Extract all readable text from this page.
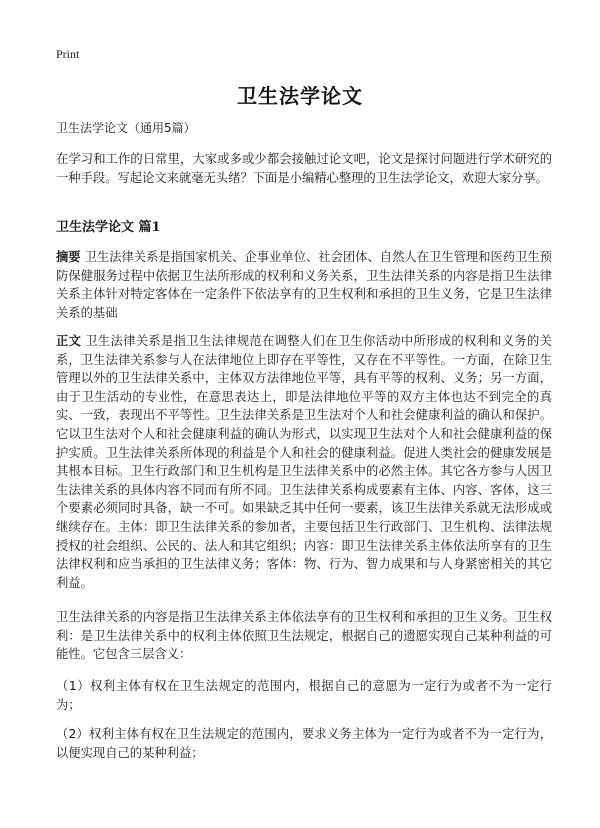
Print
卫生法学论文
卫生法学论文（通用5篇）

在学习和工作的日常里，大家或多或少都会接触过论文吧，论文是探讨问题进行学术研究的一种手段。写起论文来就毫无头绪？下面是小编精心整理的卫生法学论文，欢迎大家分享。

卫生法学论文 篇1

摘要 卫生法律关系是指国家机关、企事业单位、社会团体、自然人在卫生管理和医药卫生预防保健服务过程中依据卫生法所形成的权利和义务关系，卫生法律关系的内容是指卫生法律关系主体针对特定客体在一定条件下依法享有的卫生权利和承担的卫生义务，它是卫生法律关系的基础

正文 卫生法律关系是指卫生法律规范在调整人们在卫生你活动中所形成的权利和义务的关系，卫生法律关系参与人在法律地位上即存在平等性，又存在不平等性。一方面，在除卫生管理以外的卫生法律关系中，主体双方法律地位平等，具有平等的权利、义务；另一方面，由于卫生活动的专业性，在意思表达上，即是法律地位平等的双方主体也达不到完全的真实、一致，表现出不平等性。卫生法律关系是卫生法对个人和社会健康利益的确认和保护。它以卫生法对个人和社会健康利益的确认为形式，以实现卫生法对个人和社会健康利益的保护实质。卫生法律关系所体现的利益是个人和社会的健康利益。促进人类社会的健康发展是其根本目标。卫生行政部门和卫生机构是卫生法律关系中的必然主体。其它各方参与人因卫生法律关系的具体内容不同而有所不同。卫生法律关系构成要素有主体、内容、客体，这三个要素必须同时具备，缺一不可。如果缺乏其中任何一要素，该卫生法律关系就无法形成或继续存在。主体：即卫生法律关系的参加者，主要包括卫生行政部门、卫生机构、法律法规授权的社会组织、公民的、法人和其它组织；内容：即卫生法律关系主体依法所享有的卫生法律权利和应当承担的卫生法律义务；客体：物、行为、智力成果和与人身紧密相关的其它利益。

卫生法律关系的内容是指卫生法律关系主体依法享有的卫生权利和承担的卫生义务。卫生权利：是卫生法律关系中的权利主体依照卫生法规定，根据自己的遗愿实现自己某种利益的可能性。它包含三层含义：

（1）权利主体有权在卫生法规定的范围内，根据自己的意愿为一定行为或者不为一定行为；

（2）权利主体有权在卫生法规定的范围内，要求义务主体为一定行为或者不为一定行为，以便实现自己的某种利益；
